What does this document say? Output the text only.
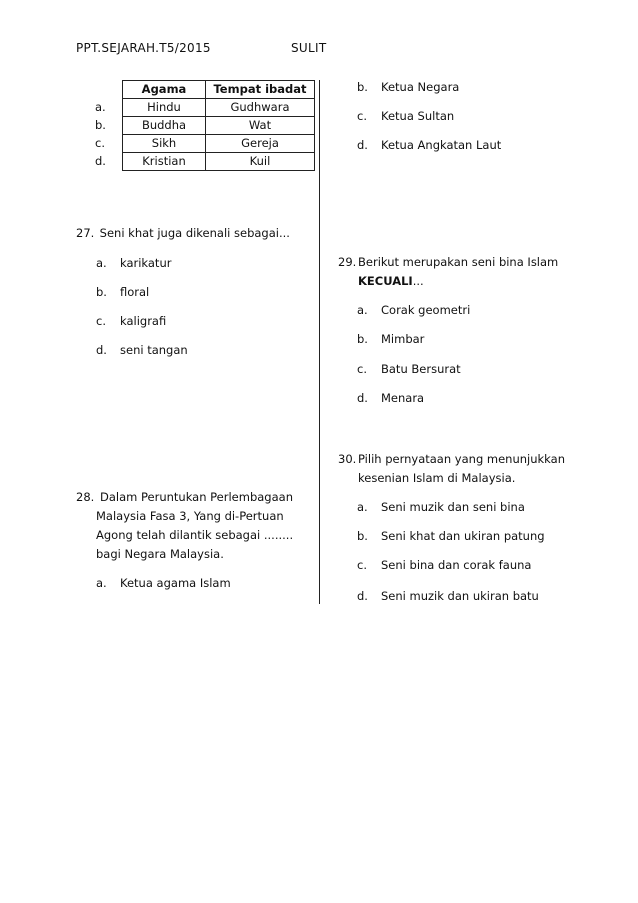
PPT.SEJARAH.T5/2015	SULIT
	Agama	Tempat ibadat
a.	Hindu	Gudhwara
b.	Buddha	Wat
c.	Sikh	Gereja
d.	Kristian	Kuil
27. Seni khat juga dikenali sebagai...
a. karikatur
b. floral
c. kaligrafi
d. seni tangan
28. Dalam Peruntukan Perlembagaan
Malaysia Fasa 3, Yang di-Pertuan
Agong telah dilantik sebagai ........
bagi Negara Malaysia.
a. Ketua agama Islam
b. Ketua Negara
c. Ketua Sultan
d. Ketua Angkatan Laut
29. Berikut merupakan seni bina Islam
KECUALI...
a. Corak geometri
b. Mimbar
c. Batu Bersurat
d. Menara
30. Pilih pernyataan yang menunjukkan
kesenian Islam di Malaysia.
a. Seni muzik dan seni bina
b. Seni khat dan ukiran patung
c. Seni bina dan corak fauna
d. Seni muzik dan ukiran batu
